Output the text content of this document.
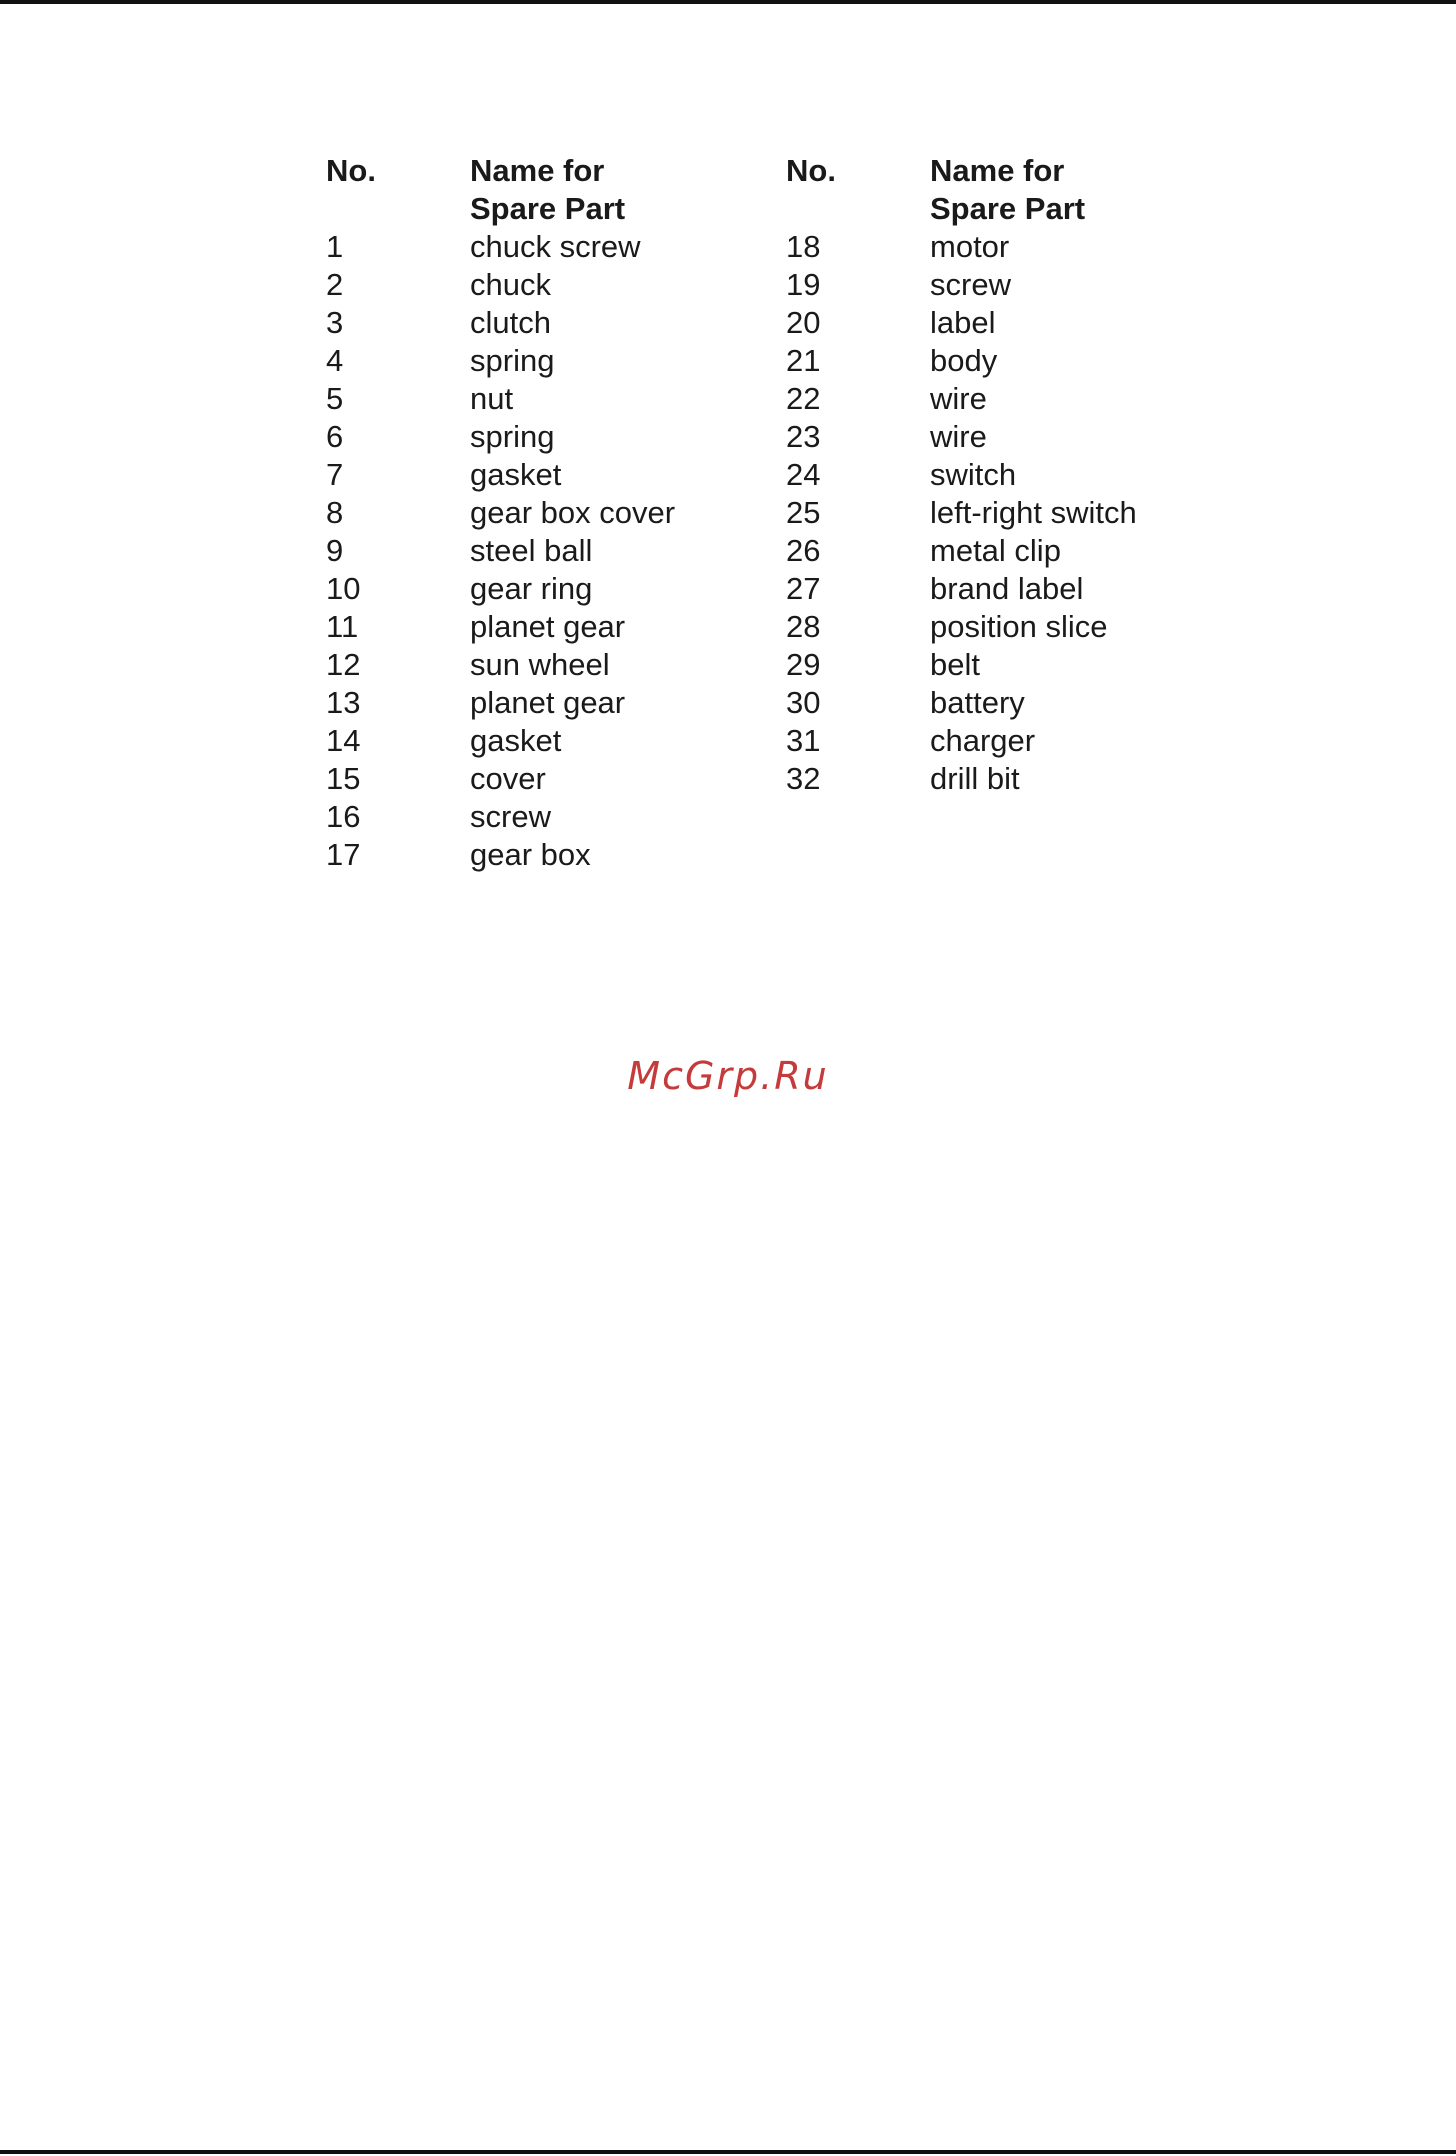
No.
1
2
3
4
5
6
7
8
9
10
11
12
13
14
15
16
17
Name for
Spare Part
chuck screw
chuck
clutch
spring
nut
spring
gasket
gear box cover
steel ball
gear ring
planet gear
sun wheel
planet gear
gasket
cover
screw
gear box
No.
18
19
20
21
22
23
24
25
26
27
28
29
30
31
32
Name for
Spare Part
motor
screw
label
body
wire
wire
switch
left-right switch
metal clip
brand label
position slice
belt
battery
charger
drill bit
McGrp.Ru
